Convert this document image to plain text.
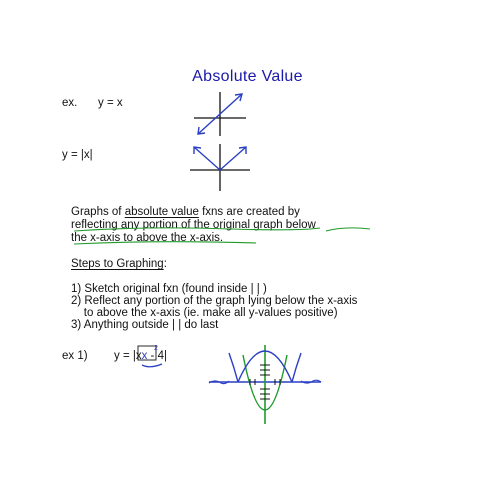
Absolute Value
ex. y = x
y = |x|
Graphs of absolute value fxns are created by
reflecting any portion of the original graph below
the x-axis to above the x-axis.
Steps to Graphing:
1) Sketch original fxn (found inside | | )
2) Reflect any portion of the graph lying below the x-axis
to above the x-axis (ie. make all y-values positive)
3) Anything outside | | do last
ex 1) y = |xx - 4|
2
